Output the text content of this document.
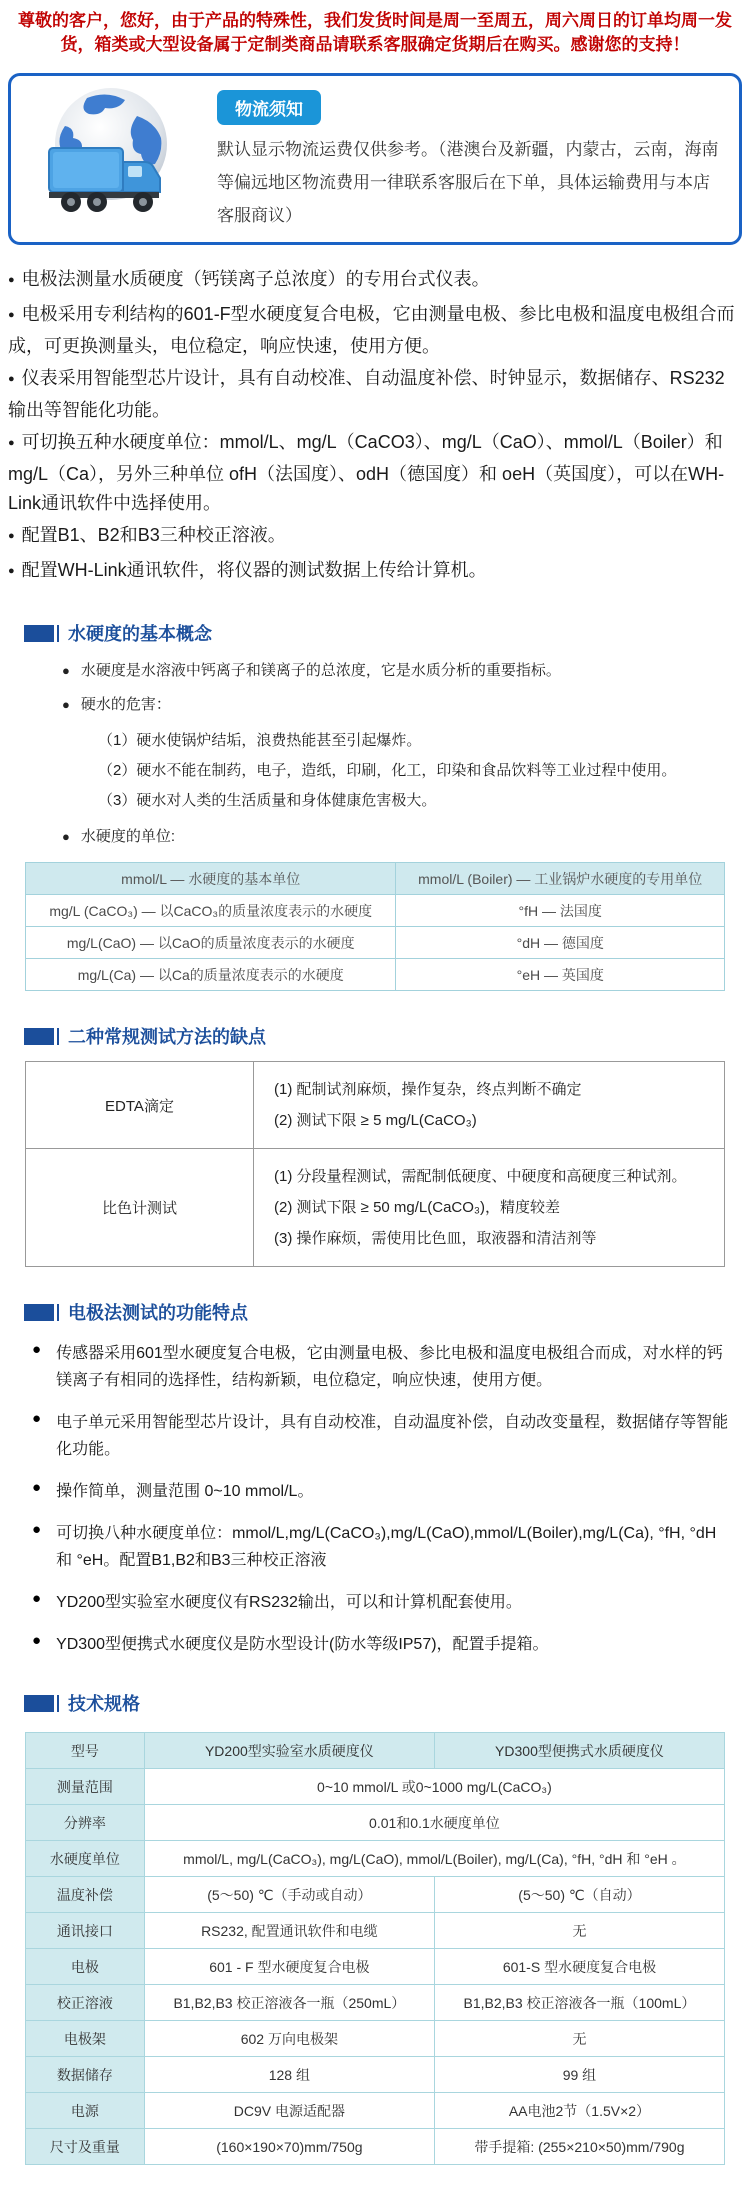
尊敬的客户，您好，由于产品的特殊性，我们发货时间是周一至周五，周六周日的订单均周一发货，箱类或大型设备属于定制类商品请联系客服确定货期后在购买。感谢您的支持！
物流须知
默认显示物流运费仅供参考。（港澳台及新疆，内蒙古，云南，海南等偏远地区物流费用一律联系客服后在下单，具体运输费用与本店客服商议）
● 电极法测量水质硬度（钙镁离子总浓度）的专用台式仪表。
● 电极采用专利结构的601-F型水硬度复合电极，它由测量电极、参比电极和温度电极组合而成，可更换测量头，电位稳定，响应快速，使用方便。
● 仪表采用智能型芯片设计，具有自动校准、自动温度补偿、时钟显示，数据储存、RS232输出等智能化功能。
● 可切换五种水硬度单位：mmol/L、mg/L（CaCO3）、mg/L（CaO）、mmol/L（Boiler）和mg/L（Ca），另外三种单位 ofH（法国度）、odH（德国度）和 oeH（英国度），可以在WH-Link通讯软件中选择使用。
● 配置B1、B2和B3三种校正溶液。
● 配置WH-Link通讯软件，将仪器的测试数据上传给计算机。
水硬度的基本概念
● 水硬度是水溶液中钙离子和镁离子的总浓度，它是水质分析的重要指标。
● 硬水的危害：
（1）硬水使锅炉结垢，浪费热能甚至引起爆炸。
（2）硬水不能在制药，电子，造纸，印刷，化工，印染和食品饮料等工业过程中使用。
（3）硬水对人类的生活质量和身体健康危害极大。
● 水硬度的单位:
mmol/L — 水硬度的基本单位	mmol/L (Boiler) — 工业锅炉水硬度的专用单位
mg/L (CaCO₃) — 以CaCO₃的质量浓度表示的水硬度	°fH — 法国度
mg/L(CaO) — 以CaO的质量浓度表示的水硬度	°dH — 德国度
mg/L(Ca) — 以Ca的质量浓度表示的水硬度	°eH — 英国度
二种常规测试方法的缺点
EDTA滴定	(1) 配制试剂麻烦，操作复杂，终点判断不确定
(2) 测试下限 ≥ 5 mg/L(CaCO₃)

比色计测试	(1) 分段量程测试，需配制低硬度、中硬度和高硬度三种试剂。
(2) 测试下限 ≥ 50 mg/L(CaCO₃)，精度较差
(3) 操作麻烦，需使用比色皿，取液器和清洁剂等
电极法测试的功能特点
● 传感器采用601型水硬度复合电极，它由测量电极、参比电极和温度电极组合而成，对水样的钙镁离子有相同的选择性，结构新颖，电位稳定，响应快速，使用方便。
● 电子单元采用智能型芯片设计，具有自动校准，自动温度补偿，自动改变量程，数据储存等智能化功能。
● 操作简单，测量范围 0~10 mmol/L。
● 可切换八种水硬度单位：mmol/L,mg/L(CaCO₃),mg/L(CaO),mmol/L(Boiler),mg/L(Ca), °fH, °dH 和 °eH。配置B1,B2和B3三种校正溶液
● YD200型实验室水硬度仪有RS232输出，可以和计算机配套使用。
● YD300型便携式水硬度仪是防水型设计(防水等级IP57)，配置手提箱。
技术规格
型号	YD200型实验室水质硬度仪	YD300型便携式水质硬度仪
测量范围	0~10 mmol/L 或0~1000 mg/L(CaCO₃)	
分辨率	0.01和0.1水硬度单位	
水硬度单位	mmol/L, mg/L(CaCO₃), mg/L(CaO), mmol/L(Boiler), mg/L(Ca), °fH, °dH 和 °eH 。	
温度补偿	(5～50) ℃（手动或自动）	(5～50) ℃（自动）
通讯接口	RS232, 配置通讯软件和电缆	无
电极	601 - F 型水硬度复合电极	601-S 型水硬度复合电极
校正溶液	B1,B2,B3 校正溶液各一瓶（250mL）	B1,B2,B3 校正溶液各一瓶（100mL）
电极架	602 万向电极架	无
数据储存	128 组	99 组
电源	DC9V 电源适配器	AA电池2节（1.5V×2）
尺寸及重量	(160×190×70)mm/750g	带手提箱: (255×210×50)mm/790g
